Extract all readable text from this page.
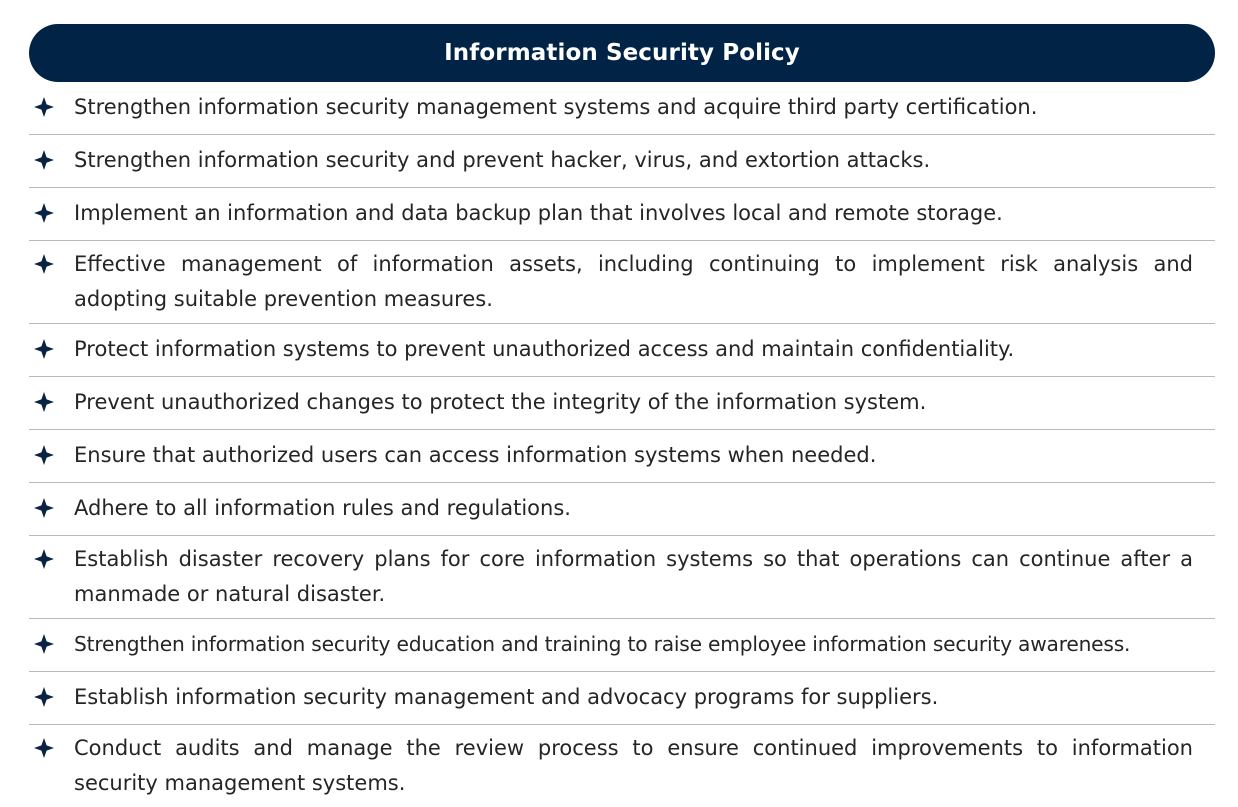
Information Security Policy
Strengthen information security management systems and acquire third party certification.
Strengthen information security and prevent hacker, virus, and extortion attacks.
Implement an information and data backup plan that involves local and remote storage.
Effective management of information assets, including continuing to implement risk analysis and adopting suitable prevention measures.
Protect information systems to prevent unauthorized access and maintain confidentiality.
Prevent unauthorized changes to protect the integrity of the information system.
Ensure that authorized users can access information systems when needed.
Adhere to all information rules and regulations.
Establish disaster recovery plans for core information systems so that operations can continue after a manmade or natural disaster.
Strengthen information security education and training to raise employee information security awareness.
Establish information security management and advocacy programs for suppliers.
Conduct audits and manage the review process to ensure continued improvements to information security management systems.
